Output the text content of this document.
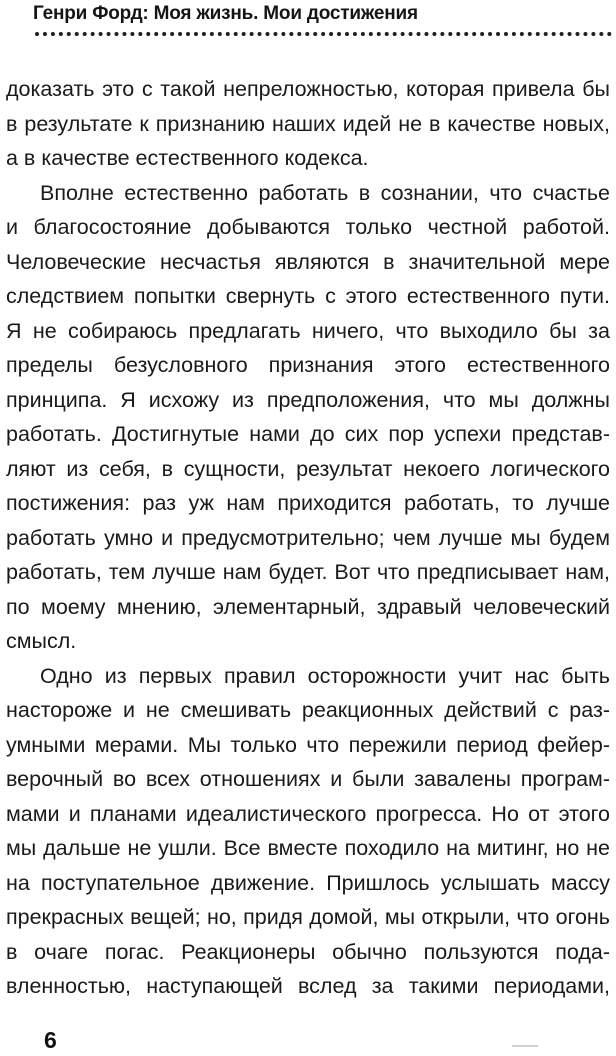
Генри Форд: Моя жизнь. Мои достижения
доказать это с такой непреложностью, которая привела бы
в результате к признанию наших идей не в качестве новых,
а в качестве естественного кодекса.
Вполне естественно работать в сознании, что счастье
и благосостояние добываются только честной работой.
Человеческие несчастья являются в значительной мере
следствием попытки свернуть с этого естественного пути.
Я не собираюсь предлагать ничего, что выходило бы за
пределы безусловного признания этого естественного
принципа. Я исхожу из предположения, что мы должны
работать. Достигнутые нами до сих пор успехи представ-
ляют из себя, в сущности, результат некоего логического
постижения: раз уж нам приходится работать, то лучше
работать умно и предусмотрительно; чем лучше мы будем
работать, тем лучше нам будет. Вот что предписывает нам,
по моему мнению, элементарный, здравый человеческий
смысл.
Одно из первых правил осторожности учит нас быть
настороже и не смешивать реакционных действий с раз-
умными мерами. Мы только что пережили период фейер-
верочный во всех отношениях и были завалены програм-
мами и планами идеалистического прогресса. Но от этого
мы дальше не ушли. Все вместе походило на митинг, но не
на поступательное движение. Пришлось услышать массу
прекрасных вещей; но, придя домой, мы открыли, что огонь
в очаге погас. Реакционеры обычно пользуются пода-
вленностью, наступающей вслед за такими периодами,
6
